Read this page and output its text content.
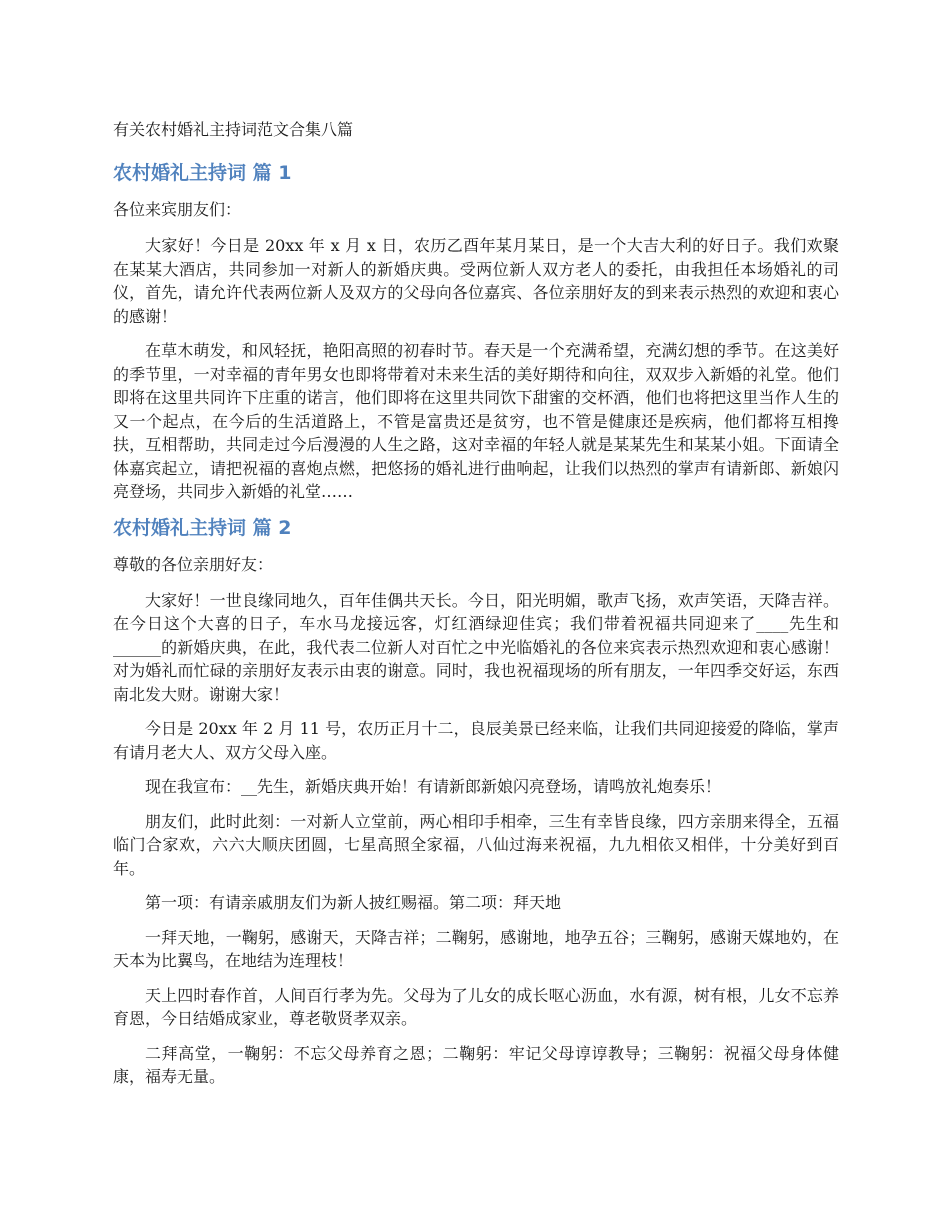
有关农村婚礼主持词范文合集八篇
农村婚礼主持词 篇 1
各位来宾朋友们：

大家好！今日是 20xx 年 x 月 x 日，农历乙酉年某月某日，是一个大吉大利的好日子。我们欢聚在某某大酒店，共同参加一对新人的新婚庆典。受两位新人双方老人的委托，由我担任本场婚礼的司仪，首先，请允许代表两位新人及双方的父母向各位嘉宾、各位亲朋好友的到来表示热烈的欢迎和衷心的感谢！

在草木萌发，和风轻抚，艳阳高照的初春时节。春天是一个充满希望，充满幻想的季节。在这美好的季节里，一对幸福的青年男女也即将带着对未来生活的美好期待和向往，双双步入新婚的礼堂。他们即将在这里共同许下庄重的诺言，他们即将在这里共同饮下甜蜜的交杯酒，他们也将把这里当作人生的又一个起点，在今后的生活道路上，不管是富贵还是贫穷，也不管是健康还是疾病，他们都将互相搀扶，互相帮助，共同走过今后漫漫的人生之路，这对幸福的年轻人就是某某先生和某某小姐。下面请全体嘉宾起立，请把祝福的喜炮点燃，把悠扬的婚礼进行曲响起，让我们以热烈的掌声有请新郎、新娘闪亮登场，共同步入新婚的礼堂……

农村婚礼主持词 篇 2
尊敬的各位亲朋好友：

大家好！一世良缘同地久，百年佳偶共天长。今日，阳光明媚，歌声飞扬，欢声笑语，天降吉祥。在今日这个大喜的日子，车水马龙接远客，灯红酒绿迎佳宾；我们带着祝福共同迎来了____先生和______的新婚庆典，在此，我代表二位新人对百忙之中光临婚礼的各位来宾表示热烈欢迎和衷心感谢！对为婚礼而忙碌的亲朋好友表示由衷的谢意。同时，我也祝福现场的所有朋友，一年四季交好运，东西南北发大财。谢谢大家！

今日是 20xx 年 2 月 11 号，农历正月十二，良辰美景已经来临，让我们共同迎接爱的降临，掌声有请月老大人、双方父母入座。

现在我宣布：__先生，新婚庆典开始！有请新郎新娘闪亮登场，请鸣放礼炮奏乐！

朋友们，此时此刻：一对新人立堂前，两心相印手相牵，三生有幸皆良缘，四方亲朋来得全，五福临门合家欢，六六大顺庆团圆，七星高照全家福，八仙过海来祝福，九九相依又相伴，十分美好到百年。

第一项：有请亲戚朋友们为新人披红赐福。第二项：拜天地

一拜天地，一鞠躬，感谢天，天降吉祥；二鞠躬，感谢地，地孕五谷；三鞠躬，感谢天媒地妁，在天本为比翼鸟，在地结为连理枝！

天上四时春作首，人间百行孝为先。父母为了儿女的成长呕心沥血，水有源，树有根，儿女不忘养育恩，今日结婚成家业，尊老敬贤孝双亲。

二拜高堂，一鞠躬：不忘父母养育之恩；二鞠躬：牢记父母谆谆教导；三鞠躬：祝福父母身体健康，福寿无量。
